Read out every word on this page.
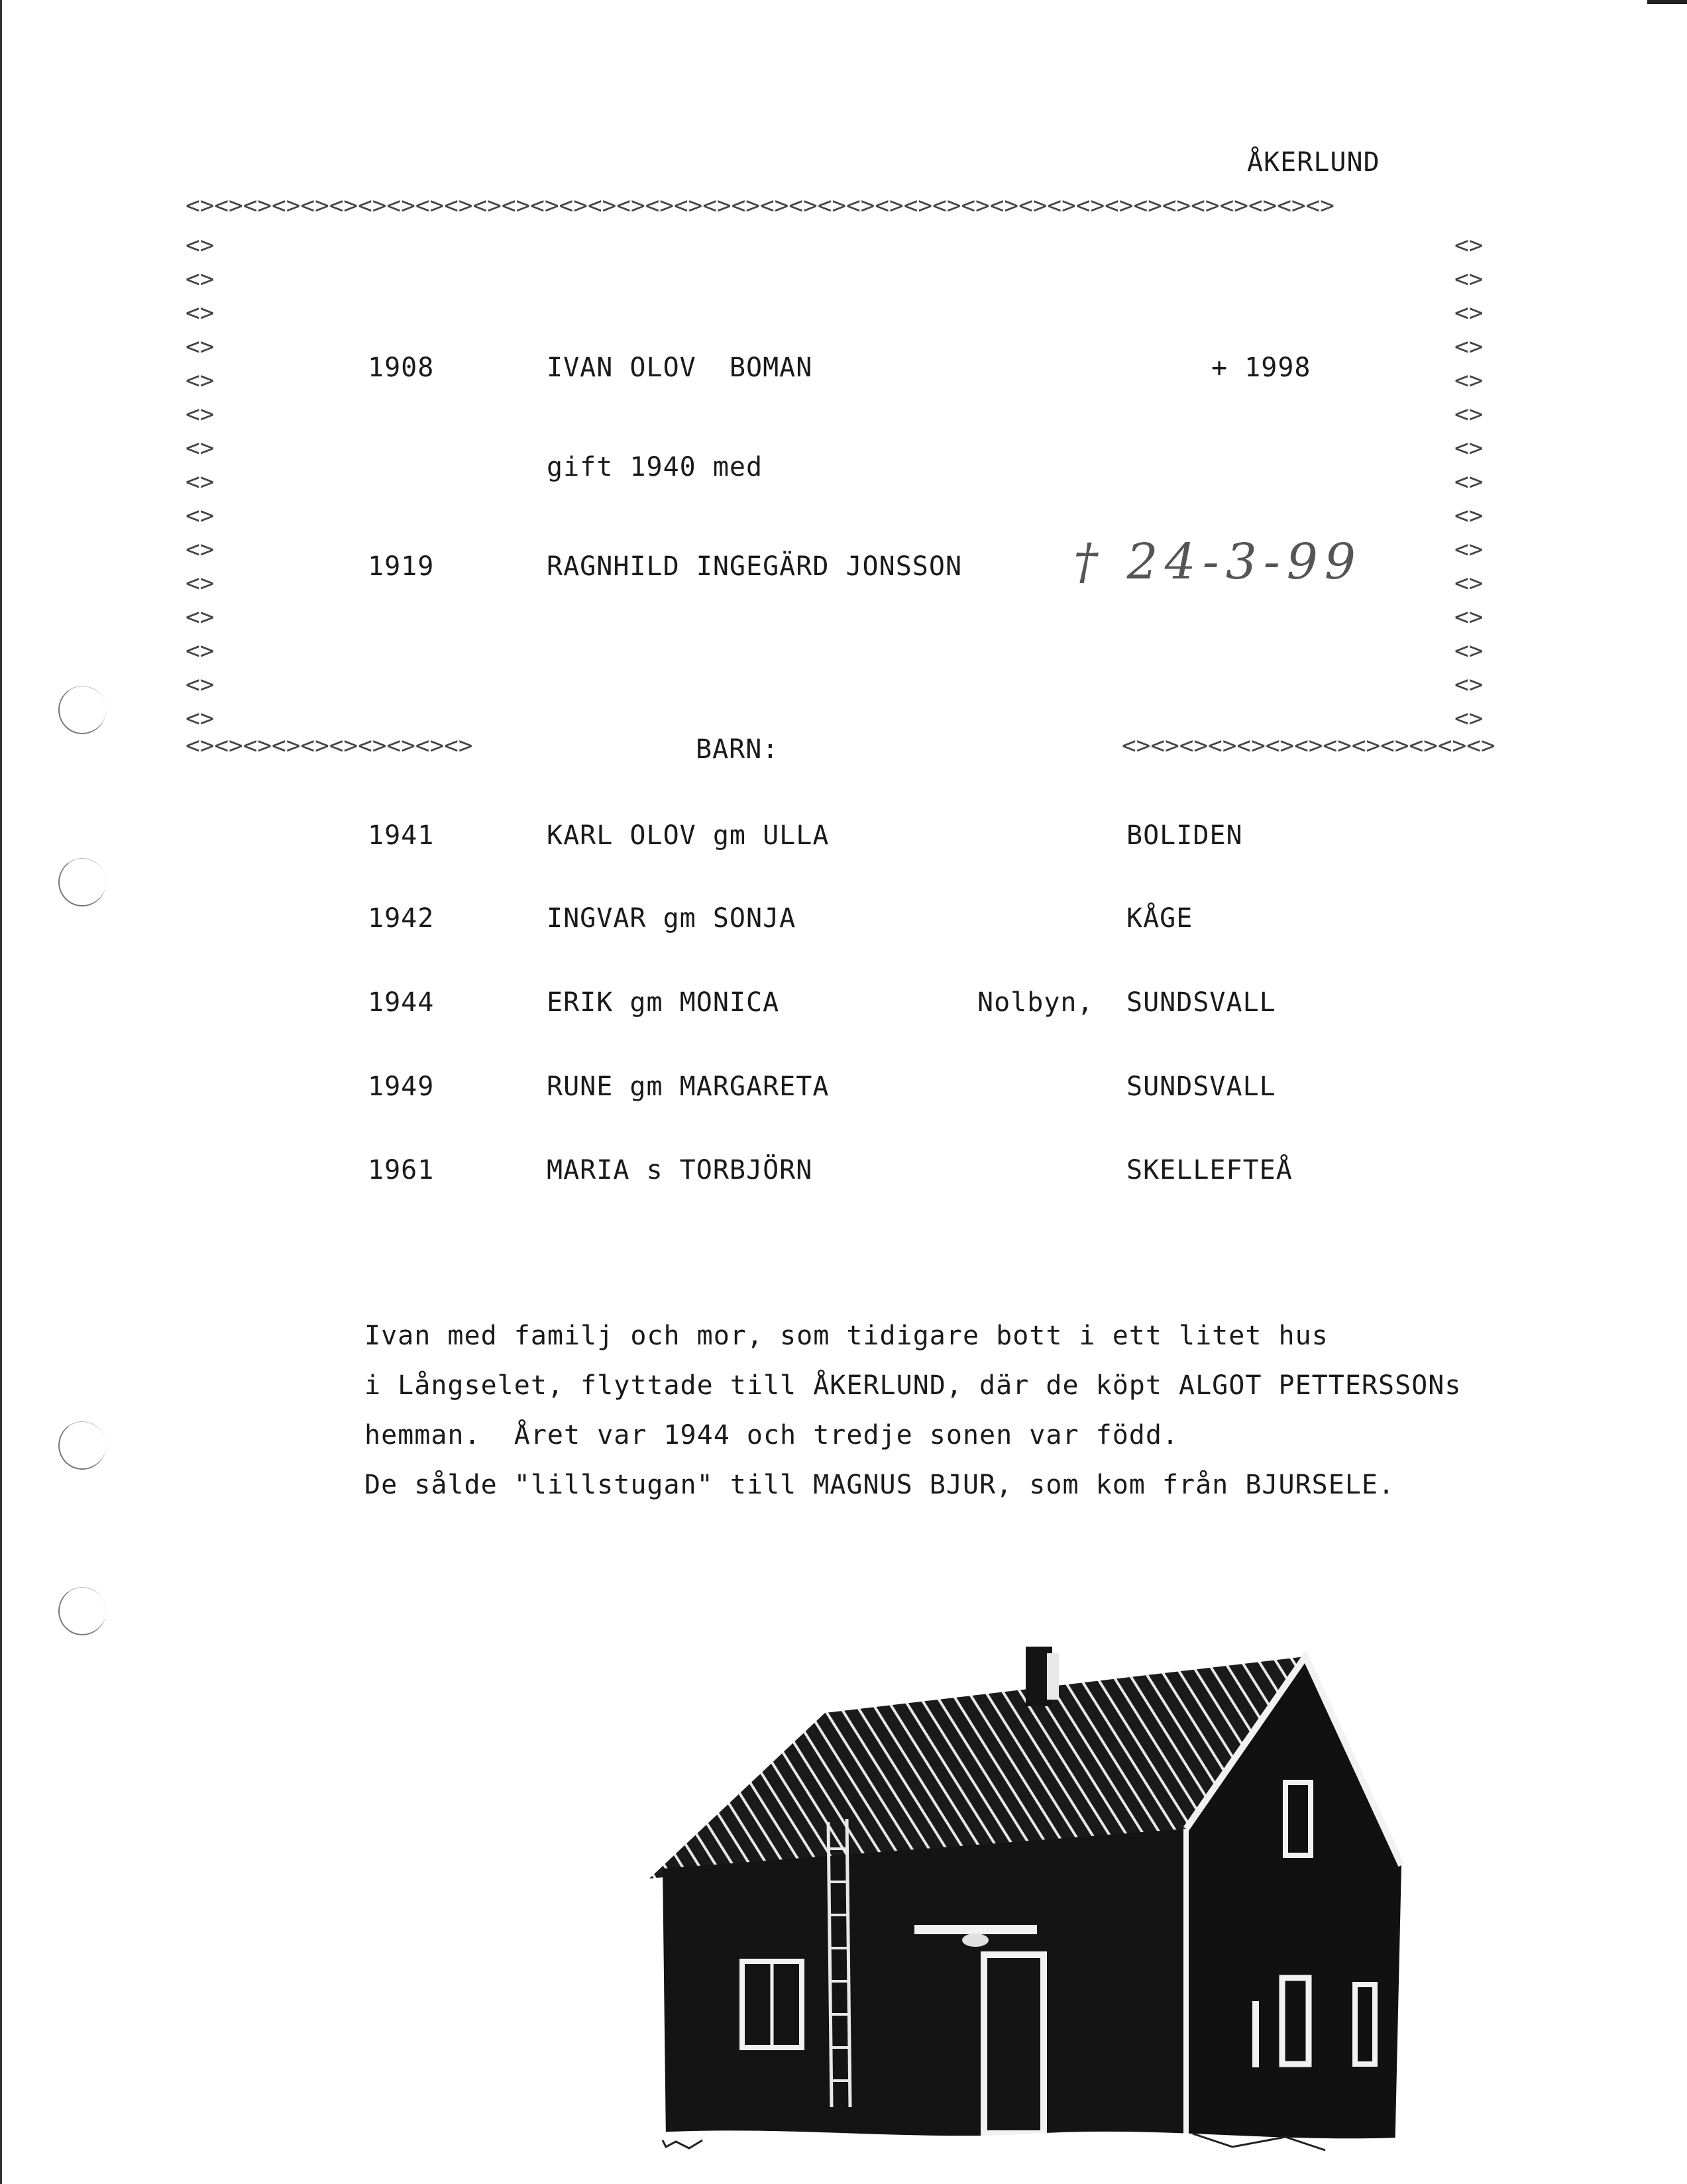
ÅKERLUND
<><><><><><><><><><><><><><><><><><><><><><><><><><><><><><><><><><><><><><><><>
<>
<>
<>
<>
<>
<>
<>
<>
<>
<>
<>
<>
<>
<>
<>
<>
<>
<>
<>
<>
<>
<>
<>
<>
<>
<>
<>
<>
<>
<>
<><><><><><><><><><>	<><><><><><><><><><><><><>
1908	IVAN OLOV  BOMAN	+ 1998
gift 1940 med
1919	RAGNHILD INGEGÄRD JONSSON † 24-3-99
BARN:
1941	KARL OLOV gm ULLA	BOLIDEN
1942	INGVAR gm SONJA	KÅGE
1944	ERIK gm MONICA	Nolbyn, SUNDSVALL
1949	RUNE gm MARGARETA	SUNDSVALL
1961	MARIA s TORBJÖRN	SKELLEFTEÅ
Ivan med familj och mor, som tidigare bott i ett litet hus
i Långselet, flyttade till ÅKERLUND, där de köpt ALGOT PETTERSSONs
hemman.  Året var 1944 och tredje sonen var född.
De sålde "lillstugan" till MAGNUS BJUR, som kom från BJURSELE.
